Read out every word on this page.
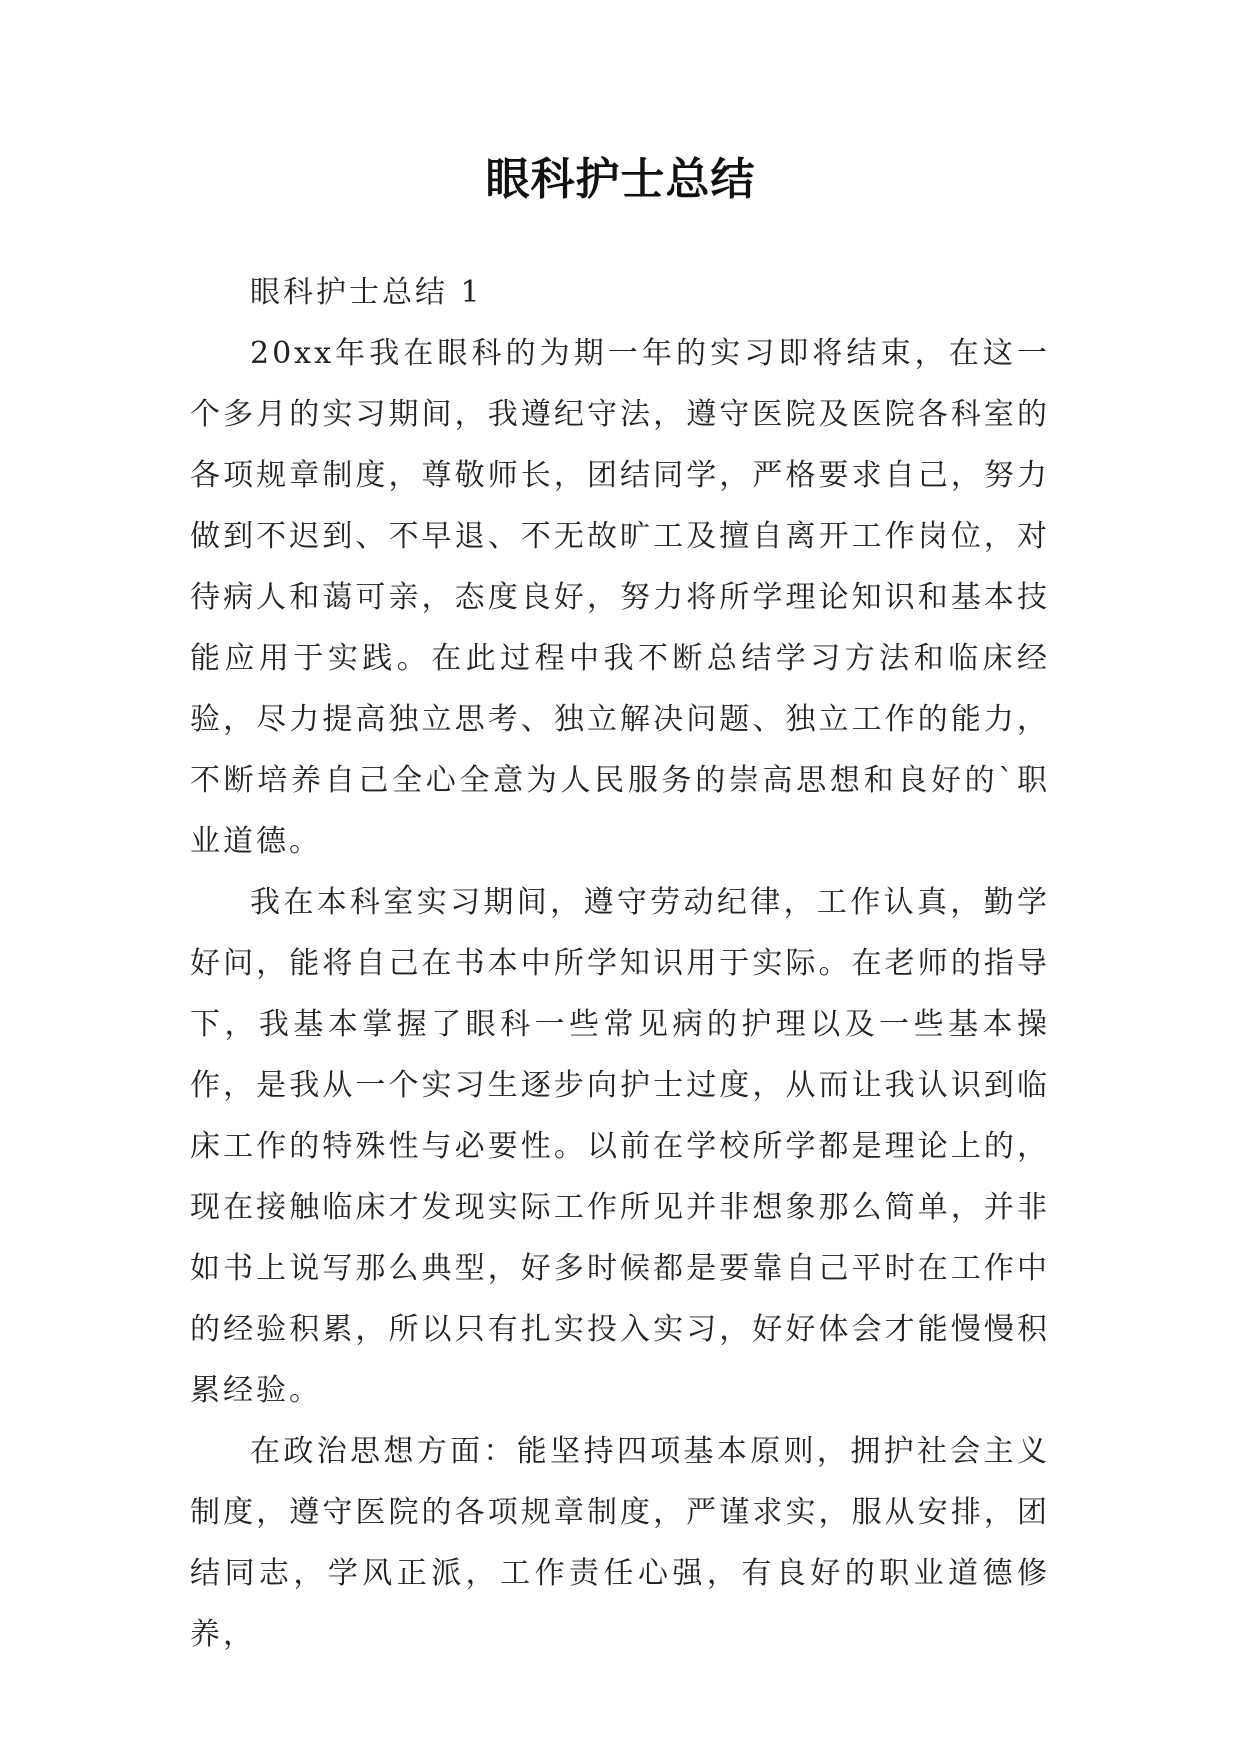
眼科护士总结

眼科护士总结 1

20xx年我在眼科的为期一年的实习即将结束，在这一个多月的实习期间，我遵纪守法，遵守医院及医院各科室的各项规章制度，尊敬师长，团结同学，严格要求自己，努力做到不迟到、不早退、不无故旷工及擅自离开工作岗位，对待病人和蔼可亲，态度良好，努力将所学理论知识和基本技能应用于实践。在此过程中我不断总结学习方法和临床经验，尽力提高独立思考、独立解决问题、独立工作的能力，不断培养自己全心全意为人民服务的崇高思想和良好的`职业道德。

我在本科室实习期间，遵守劳动纪律，工作认真，勤学好问，能将自己在书本中所学知识用于实际。在老师的指导下，我基本掌握了眼科一些常见病的护理以及一些基本操作，是我从一个实习生逐步向护士过度，从而让我认识到临床工作的特殊性与必要性。以前在学校所学都是理论上的，现在接触临床才发现实际工作所见并非想象那么简单，并非如书上说写那么典型，好多时候都是要靠自己平时在工作中的经验积累，所以只有扎实投入实习，好好体会才能慢慢积累经验。

在政治思想方面：能坚持四项基本原则，拥护社会主义制度，遵守医院的各项规章制度，严谨求实，服从安排，团结同志，学风正派，工作责任心强，有良好的职业道德修养，
